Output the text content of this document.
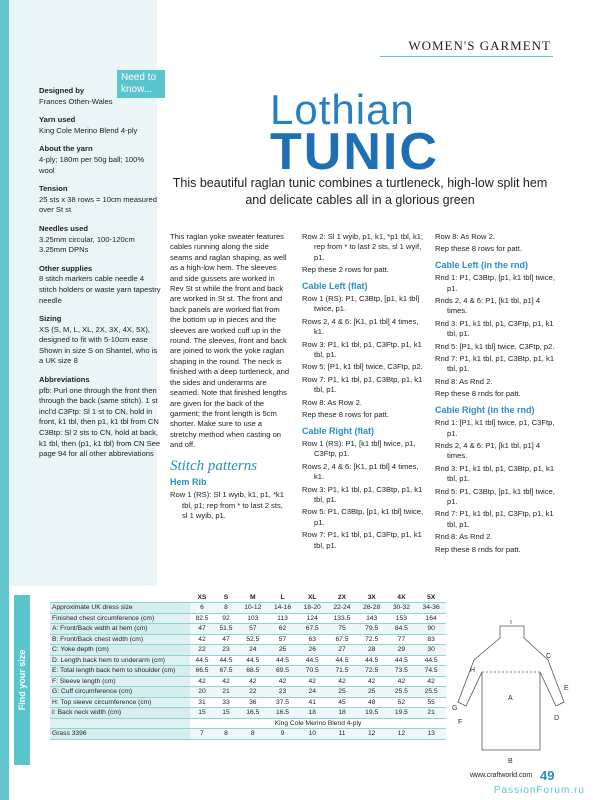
Need to know...
Designed by
Frances Othen-Wales
Yarn used
King Cole Merino Blend 4-ply
About the yarn
4-ply; 180m per 50g ball; 100% wool
Tension
25 sts x 38 rows = 10cm measured over St st
Needles used
3.25mm circular, 100-120cm 3.25mm DPNs
Other supplies
8 stitch markers cable needle 4 stitch holders or waste yarn tapestry needle
Sizing
XS (S, M, L, XL, 2X, 3X, 4X, 5X), designed to fit with 5-10cm ease Shown in size S on Shantel, who is a UK size 8
Abbreviations
pfb: Purl one through the front then through the back (same stitch). 1 st incl'd C3Ftp: Sl 1 st to CN, hold in front, k1 tbl, then p1, k1 tbl from CN C3Btp: Sl 2 sts to CN, hold at back, k1 tbl, then (p1, k1 tbl) from CN See page 94 for all other abbreviations
WOMEN'S GARMENT
Lothian
TUNIC
This beautiful raglan tunic combines a turtleneck, high-low split hem and delicate cables all in a glorious green
This raglan yoke sweater features cables running along the side seams and raglan shaping, as well as a high-low hem. The sleeves and side gussets are worked in Rev St st while the front and back are worked in St st. The front and back panels are worked flat from the bottom up in pieces and the sleeves are worked cuff up in the round. The sleeves, front and back are joined to work the yoke raglan shaping in the round. The neck is finished with a deep turtleneck, and the sides and underarms are seamed. Note that finished lengths are given for the back of the garment; the front length is 5cm shorter. Make sure to use a stretchy method when casting on and off.
Stitch patterns
Hem Rib
Row 1 (RS): Sl 1 wyib, k1, p1, *k1 tbl, p1; rep from * to last 2 sts, sl 1 wyib, p1.
Row 2: Sl 1 wyib, p1, k1, *p1 tbl, k1; rep from * to last 2 sts, sl 1 wyif, p1.
Rep these 2 rows for patt.
Cable Left (flat)
Row 1 (RS): P1, C3Btp, [p1, k1 tbl] twice, p1.
Rows 2, 4 & 6: [K1, p1 tbl] 4 times, k1.
Row 3: P1, k1 tbl, p1, C3Ftp, p1, k1 tbl, p1.
Row 5: [P1, k1 tbl] twice, C3Ftp, p2.
Row 7: P1, k1 tbl, p1, C3Btp, p1, k1 tbl, p1.
Row 8: As Row 2.
Rep these 8 rows for patt.
Cable Right (flat)
Row 1 (RS): P1, [k1 tbl] twice, p1, C3Ftp, p1.
Rows 2, 4 & 6: [K1, p1 tbl] 4 times, k1.
Row 3: P1, k1 tbl, p1, C3Btp, p1, k1 tbl, p1.
Row 5: P1, C3Btp, [p1, k1 tbl] twice, p1.
Row 7: P1, k1 tbl, p1, C3Ftp, p1, k1 tbl, p1.
Row 8: As Row 2.
Rep these 8 rows for patt.
Cable Left (in the rnd)
Rnd 1: P1, C3Btp, [p1, k1 tbl] twice, p1.
Rnds 2, 4 & 6: P1, [k1 tbl, p1] 4 times.
Rnd 3: P1, k1 tbl, p1, C3Ftp, p1, k1 tbl, p1.
Rnd 5: [P1, k1 tbl] twice, C3Ftp, p2.
Rnd 7: P1, k1 tbl, p1, C3Btp, p1, k1 tbl, p1.
Rnd 8: As Rnd 2.
Rep these 8 rnds for patt.
Cable Right (in the rnd)
Rnd 1: [P1, k1 tbl] twice, p1, C3Ftp, p1.
Rnds 2, 4 & 6: P1, [k1 tbl, p1] 4 times.
Rnd 3: P1, k1 tbl, p1, C3Btp, p1, k1 tbl, p1.
Rnd 5: P1, C3Btp, [p1, k1 tbl] twice, p1.
Rnd 7: P1, k1 tbl, p1, C3Ftp, p1, k1 tbl, p1.
Rnd 8: As Rnd 2.
Rep these 8 rnds for patt.
Find your size
	XS	S	M	L	XL	2X	3X	4X	5X
Approximate UK dress size	6	8	10-12	14-16	18-20	22-24	26-28	30-32	34-36
Finished chest circumference (cm)	82.5	92	103	113	124	133.5	143	153	164
A: Front/Back width at hem (cm)	47	51.5	57	62	67.5	75	79.5	84.5	90
B: Front/Back chest width (cm)	42	47	52.5	57	63	67.5	72.5	77	83
C: Yoke depth (cm)	22	23	24	25	26	27	28	29	30
D: Length back hem to underarm (cm)	44.5	44.5	44.5	44.5	44.5	44.5	44.5	44.5	44.5
E: Total length back hem to shoulder (cm)	66.5	67.5	68.5	69.5	70.5	71.5	72.5	73.5	74.5
F: Sleeve length (cm)	42	42	42	42	42	42	42	42	42
G: Cuff circumference (cm)	20	21	22	23	24	25	25	25.5	25.5
H: Top sleeve circumference (cm)	31	33	36	37.5	41	45	48	52	55
I: Back neck width (cm)	15	15	16.5	16.5	18	18	19.5	19.5	21
	King Cole Merino Blend 4-ply								
Grass 3396	7	8	8	9	10	11	12	12	13
I
H
A
B
C
D
E
F
G
www.craftworld.com 49
PassionForum.ru
